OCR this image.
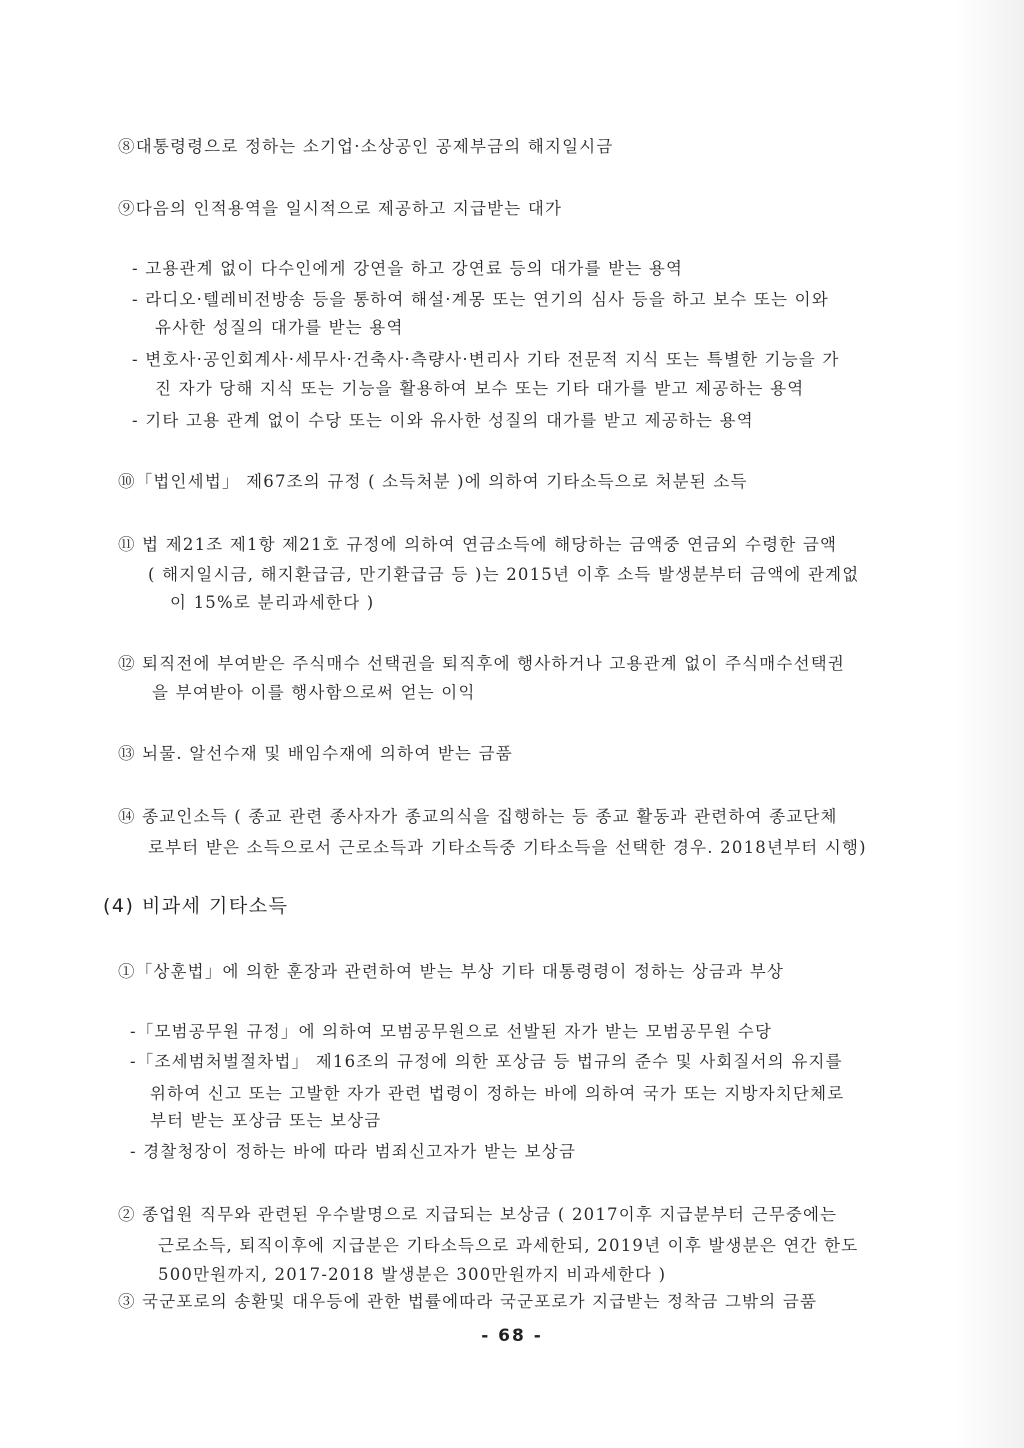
⑧대통령령으로 정하는 소기업·소상공인 공제부금의 해지일시금
⑨다음의 인적용역을 일시적으로 제공하고 지급받는 대가
- 고용관계 없이 다수인에게 강연을 하고 강연료 등의 대가를 받는 용역
- 라디오·텔레비전방송 등을 통하여 해설·계몽 또는 연기의 심사 등을 하고 보수 또는 이와
유사한 성질의 대가를 받는 용역
- 변호사·공인회계사·세무사·건축사·측량사·변리사 기타 전문적 지식 또는 특별한 기능을 가
진 자가 당해 지식 또는 기능을 활용하여 보수 또는 기타 대가를 받고 제공하는 용역
- 기타 고용 관계 없이 수당 또는 이와 유사한 성질의 대가를 받고 제공하는 용역
⑩「법인세법」 제67조의 규정 ( 소득처분 )에 의하여 기타소득으로 처분된 소득
⑪ 법 제21조 제1항 제21호 규정에 의하여 연금소득에 해당하는 금액중 연금외 수령한 금액
( 해지일시금, 해지환급금, 만기환급금 등 )는 2015년 이후 소득 발생분부터 금액에 관계없
이 15%로 분리과세한다 )
⑫ 퇴직전에 부여받은 주식매수 선택권을 퇴직후에 행사하거나 고용관계 없이 주식매수선택권
을 부여받아 이를 행사함으로써 얻는 이익
⑬ 뇌물. 알선수재 및 배임수재에 의하여 받는 금품
⑭ 종교인소득 ( 종교 관련 종사자가 종교의식을 집행하는 등 종교 활동과 관련하여 종교단체
로부터 받은 소득으로서 근로소득과 기타소득중 기타소득을 선택한 경우. 2018년부터 시행)
(4) 비과세 기타소득
①「상훈법」에 의한 훈장과 관련하여 받는 부상 기타 대통령령이 정하는 상금과 부상
-「모범공무원 규정」에 의하여 모범공무원으로 선발된 자가 받는 모범공무원 수당
-「조세범처벌절차법」 제16조의 규정에 의한 포상금 등 법규의 준수 및 사회질서의 유지를
위하여 신고 또는 고발한 자가 관련 법령이 정하는 바에 의하여 국가 또는 지방자치단체로
부터 받는 포상금 또는 보상금
- 경찰청장이 정하는 바에 따라 범죄신고자가 받는 보상금
② 종업원 직무와 관련된 우수발명으로 지급되는 보상금 ( 2017이후 지급분부터 근무중에는
근로소득, 퇴직이후에 지급분은 기타소득으로 과세한되, 2019년 이후 발생분은 연간 한도
500만원까지, 2017-2018 발생분은 300만원까지 비과세한다 )
③ 국군포로의 송환및 대우등에 관한 법률에따라 국군포로가 지급받는 정착금 그밖의 금품
- 68 -
